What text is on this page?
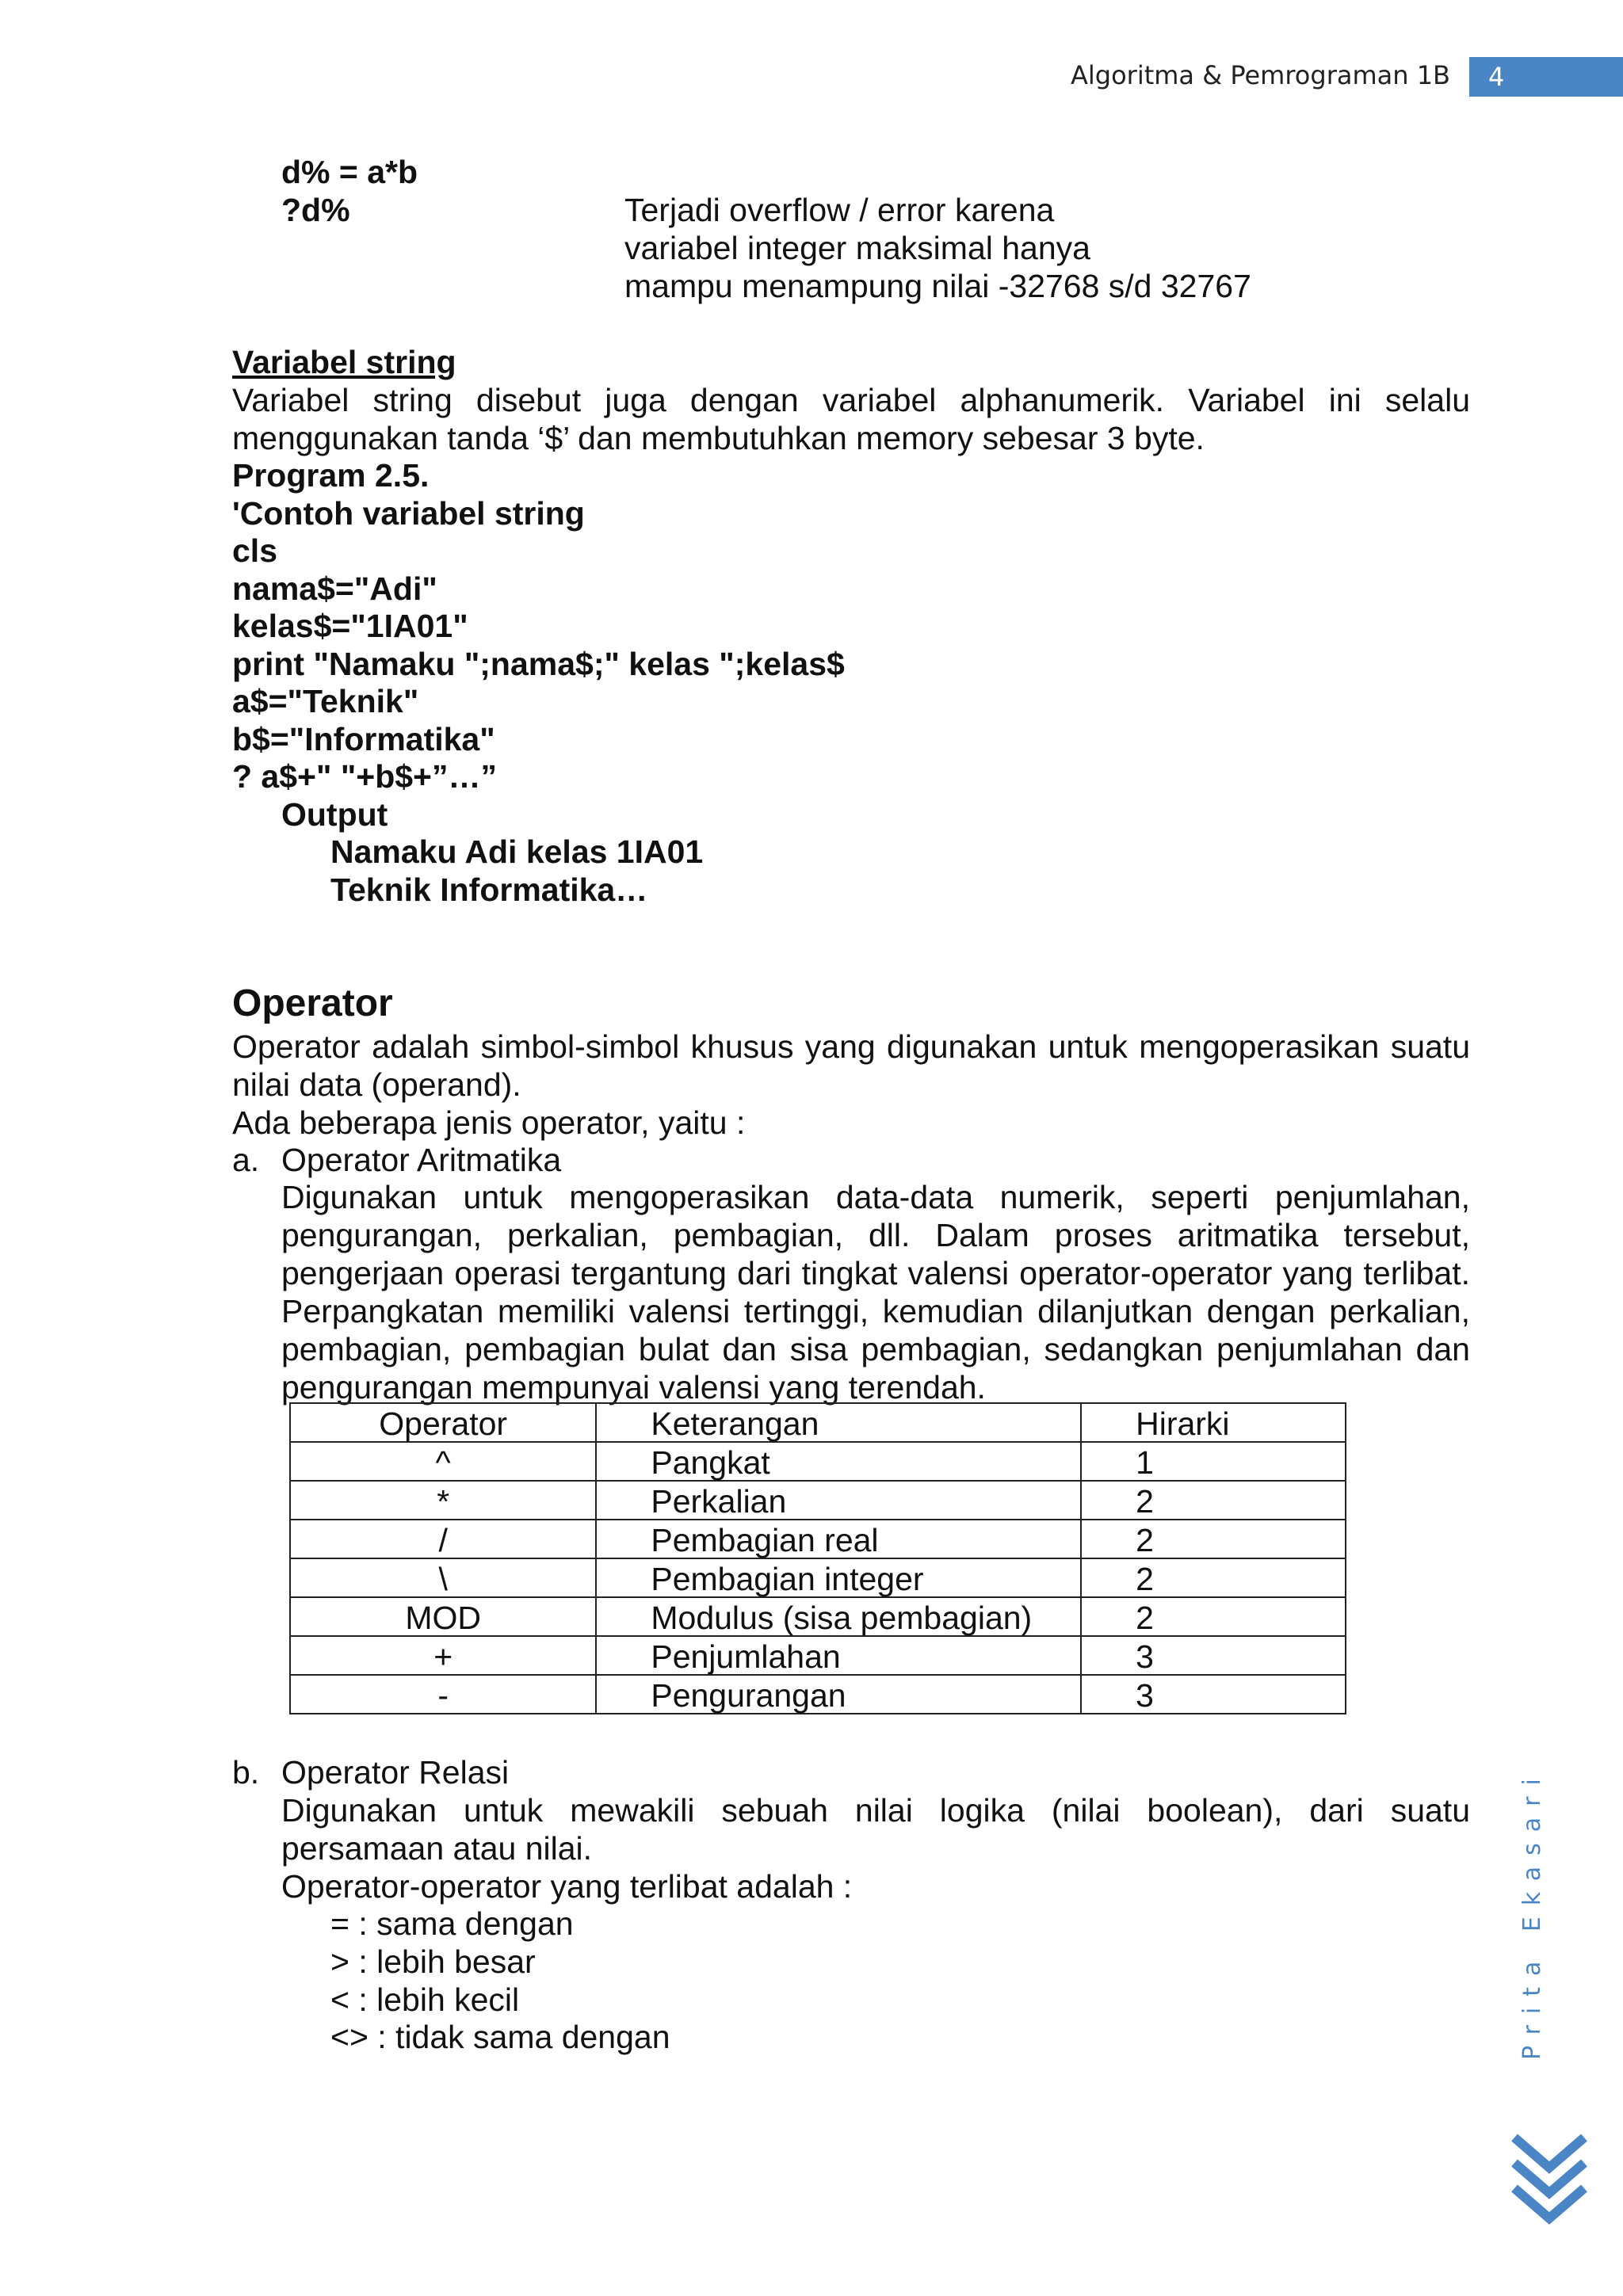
Algoritma & Pemrograman 1B 4
d% = a*b
?d%	Terjadi overflow / error karena
variabel integer maksimal hanya
mampu menampung nilai -32768 s/d 32767
Variabel string
Variabel string disebut juga dengan variabel alphanumerik. Variabel ini selalu menggunakan tanda ‘$’ dan membutuhkan memory sebesar 3 byte.
Program 2.5.
'Contoh variabel string
cls
nama$="Adi"
kelas$="1IA01"
print "Namaku ";nama$;" kelas ";kelas$
a$="Teknik"
b$="Informatika"
? a$+" "+b$+”…”
Output
Namaku Adi kelas 1IA01
Teknik Informatika…
Operator
Operator adalah simbol-simbol khusus yang digunakan untuk mengoperasikan suatu nilai data (operand).
Ada beberapa jenis operator, yaitu :
a. Operator Aritmatika
Digunakan untuk mengoperasikan data-data numerik, seperti penjumlahan, pengurangan, perkalian, pembagian, dll. Dalam proses aritmatika tersebut, pengerjaan operasi tergantung dari tingkat valensi operator-operator yang terlibat. Perpangkatan memiliki valensi tertinggi, kemudian dilanjutkan dengan perkalian, pembagian, pembagian bulat dan sisa pembagian, sedangkan penjumlahan dan pengurangan mempunyai valensi yang terendah.
Operator	Keterangan	Hirarki
^	Pangkat	1
*	Perkalian	2
/	Pembagian real	2
\	Pembagian integer	2
MOD	Modulus (sisa pembagian)	2
+	Penjumlahan	3
-	Pengurangan	3
b. Operator Relasi
Digunakan untuk mewakili sebuah nilai logika (nilai boolean), dari suatu persamaan atau nilai.
Operator-operator yang terlibat adalah :
= : sama dengan
> : lebih besar
< : lebih kecil
<> : tidak sama dengan	Prita Ekasari
